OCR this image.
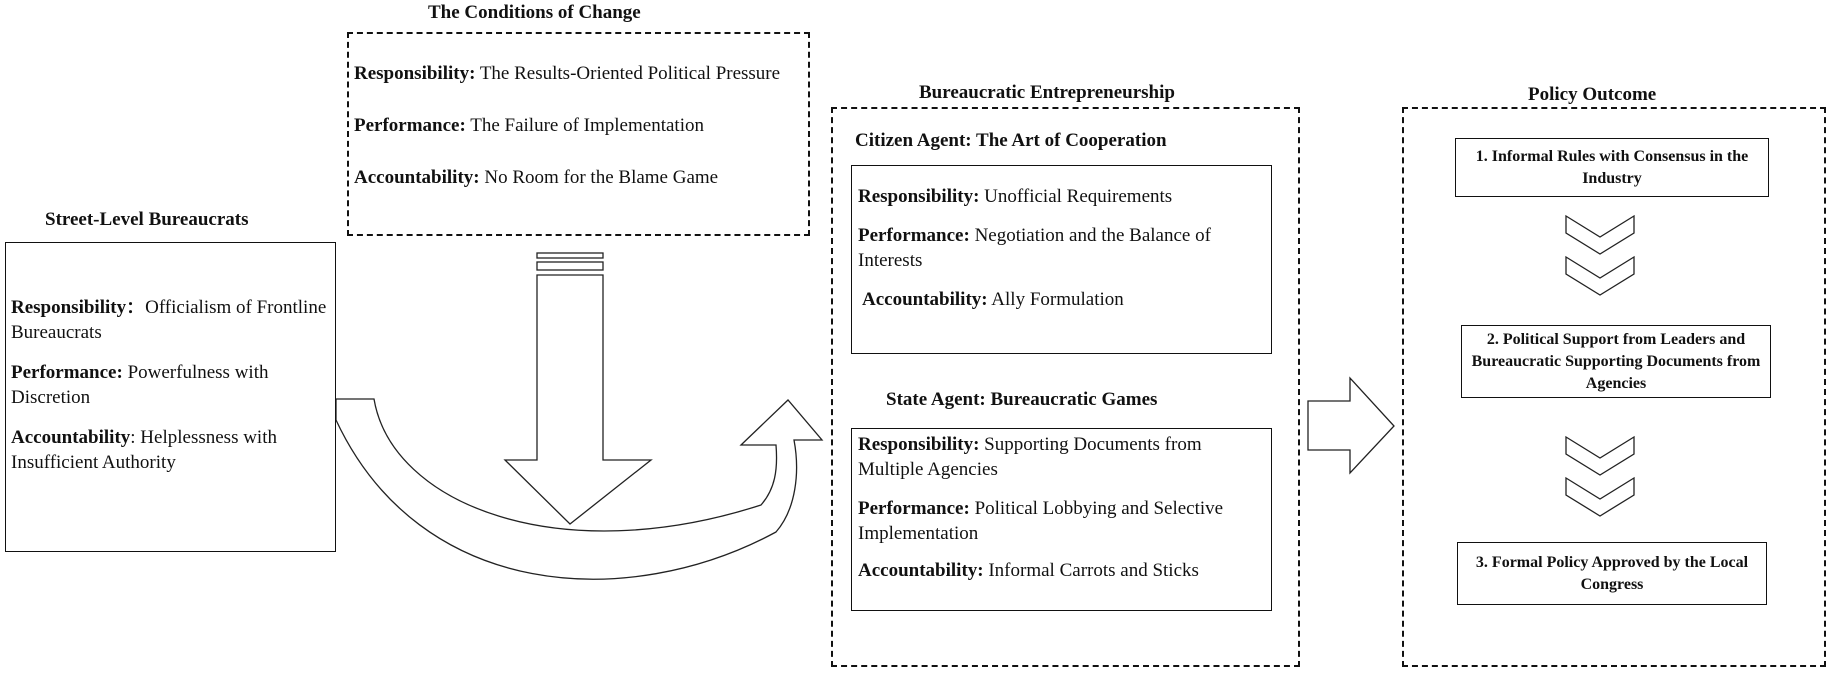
Street-Level Bureaucrats
Responsibility：Officialism of Frontline Bureaucrats
Performance: Powerfulness with Discretion
Accountability: Helplessness with Insufficient Authority
The Conditions of Change
Responsibility: The Results-Oriented Political Pressure
Performance: The Failure of Implementation
Accountability: No Room for the Blame Game
Bureaucratic Entrepreneurship
Citizen Agent: The Art of Cooperation
Responsibility: Unofficial Requirements
Performance: Negotiation and the Balance of Interests
Accountability: Ally Formulation
State Agent: Bureaucratic Games
Responsibility: Supporting Documents from Multiple Agencies
Performance: Political Lobbying and Selective Implementation
Accountability: Informal Carrots and Sticks
Policy Outcome
1. Informal Rules with Consensus in the Industry
2. Political Support from Leaders and Bureaucratic Supporting Documents from Agencies
3. Formal Policy Approved by the Local Congress
